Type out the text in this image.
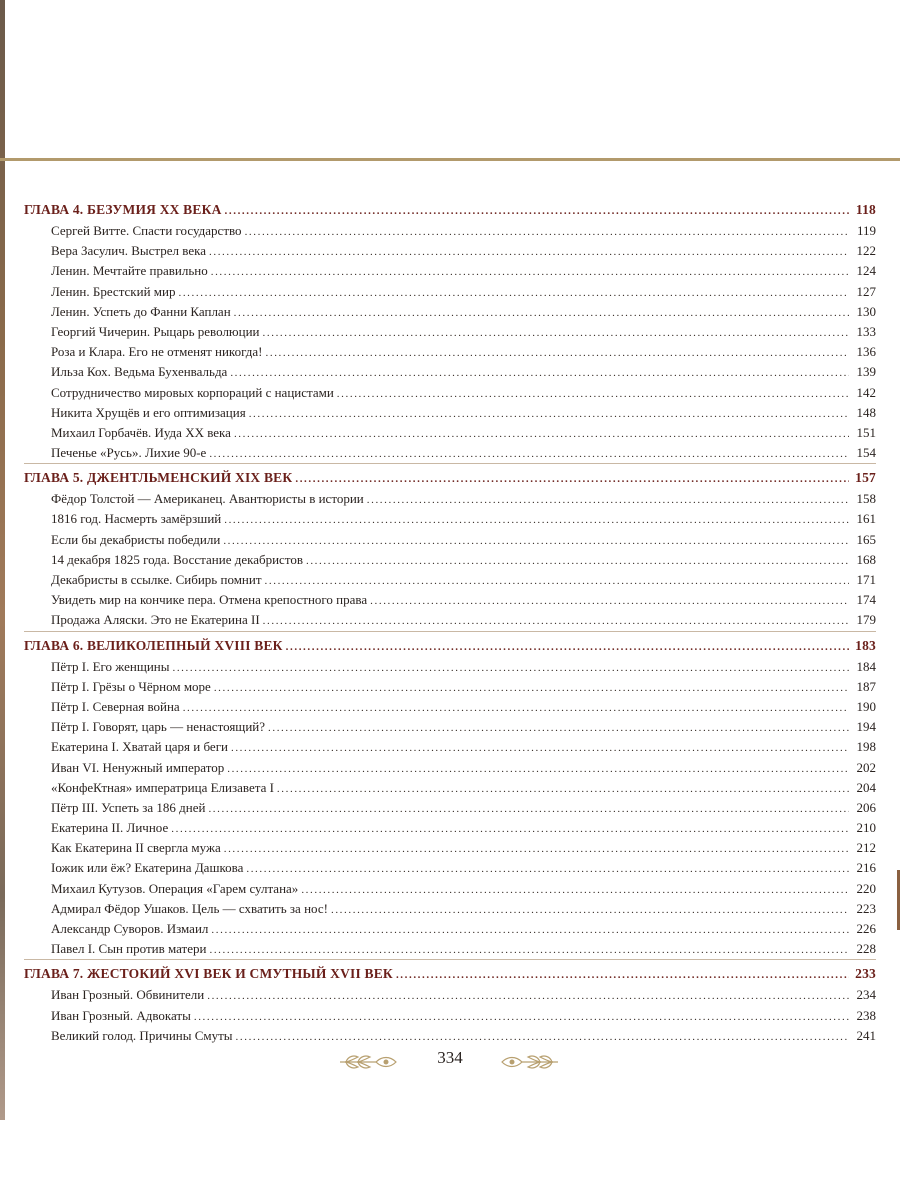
ГЛАВА 4. БЕЗУМИЯ XX ВЕКА .....	118
Сергей Витте. Спасти государство .....	119
Вера Засулич. Выстрел века .....	122
Ленин. Мечтайте правильно .....	124
Ленин. Брестский мир .....	127
Ленин. Успеть до Фанни Каплан .....	130
Георгий Чичерин. Рыцарь революции .....	133
Роза и Клара. Его не отменят никогда! .....	136
Ильза Кох. Ведьма Бухенвальда .....	139
Сотрудничество мировых корпораций с нацистами .....	142
Никита Хрущёв и его оптимизация .....	148
Михаил Горбачёв. Иуда XX века .....	151
Печенье «Русь». Лихие 90-е .....	154
ГЛАВА 5. ДЖЕНТЛЬМЕНСКИЙ XIX ВЕК .....	157
Фёдор Толстой — Американец. Авантюристы в истории .....	158
1816 год. Насмерть замёрзший .....	161
Если бы декабристы победили .....	165
14 декабря 1825 года. Восстание декабристов .....	168
Декабристы в ссылке. Сибирь помнит .....	171
Увидеть мир на кончике пера. Отмена крепостного права .....	174
Продажа Аляски. Это не Екатерина II .....	179
ГЛАВА 6. ВЕЛИКОЛЕПНЫЙ XVIII ВЕК .....	183
Пётр I. Его женщины .....	184
Пётр I. Грёзы о Чёрном море .....	187
Пётр I. Северная война .....	190
Пётр I. Говорят, царь — ненастоящий? .....	194
Екатерина I. Хватай царя и беги .....	198
Иван VI. Ненужный император .....	202
«КонфеКтная» императрица Елизавета I .....	204
Пётр III. Успеть за 186 дней .....	206
Екатерина II. Личное .....	210
Как Екатерина II свергла мужа .....	212
Іожик или ёж? Екатерина Дашкова .....	216
Михаил Кутузов. Операция «Гарем султана» .....	220
Адмирал Фёдор Ушаков. Цель — схватить за нос! .....	223
Александр Суворов. Измаил .....	226
Павел I. Сын против матери .....	228
ГЛАВА 7. ЖЕСТОКИЙ XVI ВЕК И СМУТНЫЙ XVII ВЕК .....	233
Иван Грозный. Обвинители .....	234
Иван Грозный. Адвокаты .....	238
Великий голод. Причины Смуты .....	241
334
